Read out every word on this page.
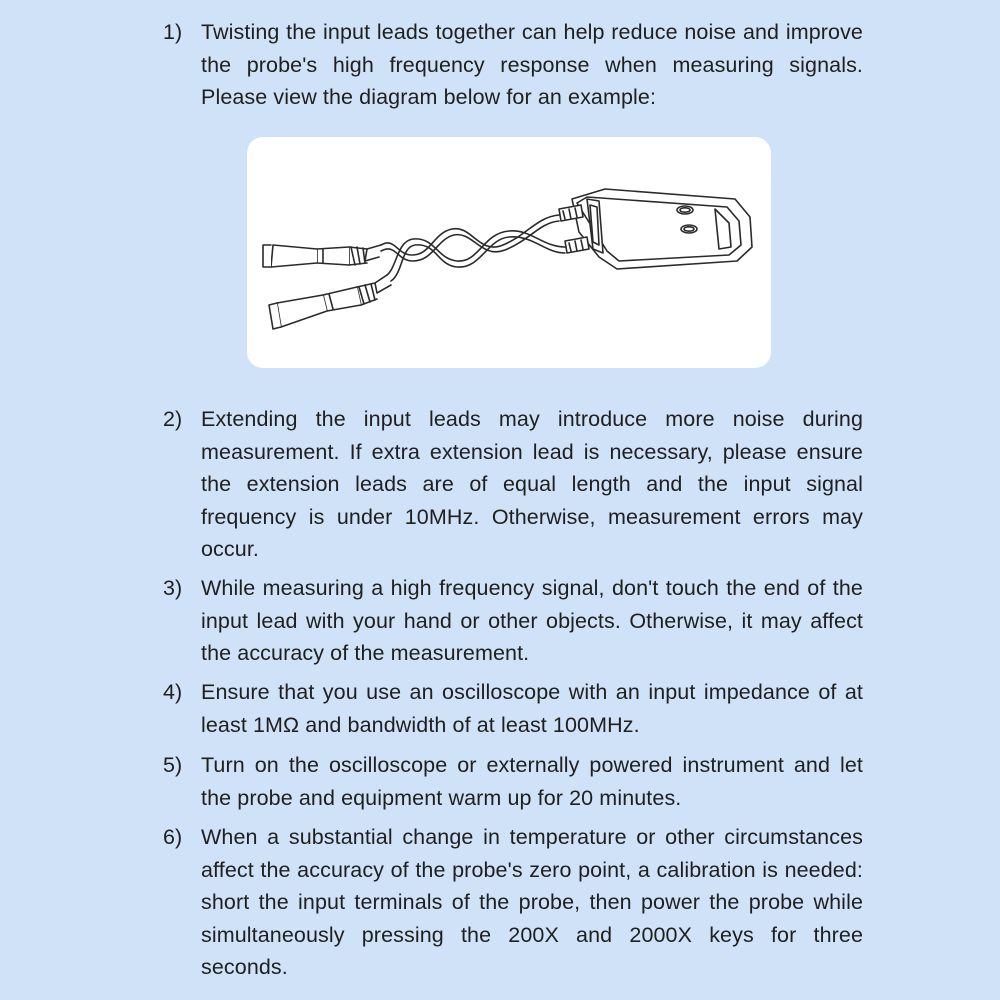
1) Twisting the input leads together can help reduce noise and improve the probe's high frequency response when measuring signals. Please view the diagram below for an example:
2) Extending the input leads may introduce more noise during measurement. If extra extension lead is necessary, please ensure the extension leads are of equal length and the input signal frequency is under 10MHz. Otherwise, measurement errors may occur.
3) While measuring a high frequency signal, don't touch the end of the input lead with your hand or other objects. Otherwise, it may affect the accuracy of the measurement.
4) Ensure that you use an oscilloscope with an input impedance of at least 1MΩ and bandwidth of at least 100MHz.
5) Turn on the oscilloscope or externally powered instrument and let the probe and equipment warm up for 20 minutes.
6) When a substantial change in temperature or other circumstances affect the accuracy of the probe's zero point, a calibration is needed: short the input terminals of the probe, then power the probe while simultaneously pressing the 200X and 2000X keys for three seconds.
